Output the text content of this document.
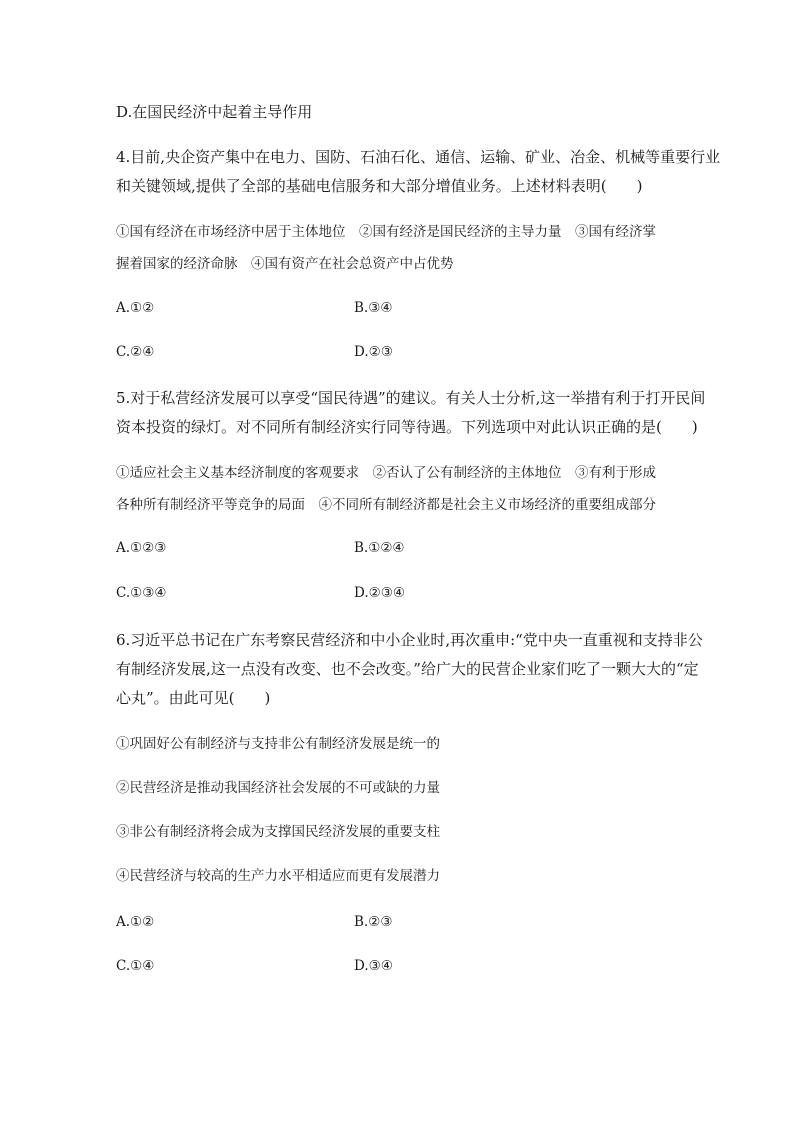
D.在国民经济中起着主导作用
4.目前,央企资产集中在电力、国防、石油石化、通信、运输、矿业、冶金、机械等重要行业
和关键领域,提供了全部的基础电信服务和大部分增值业务。上述材料表明(　　)
①国有经济在市场经济中居于主体地位　②国有经济是国民经济的主导力量　③国有经济掌
握着国家的经济命脉　④国有资产在社会总资产中占优势
A.①②	B.③④
C.②④	D.②③
5.对于私营经济发展可以享受“国民待遇”的建议。有关人士分析,这一举措有利于打开民间
资本投资的绿灯。对不同所有制经济实行同等待遇。下列选项中对此认识正确的是(　　)
①适应社会主义基本经济制度的客观要求　②否认了公有制经济的主体地位　③有利于形成
各种所有制经济平等竞争的局面　④不同所有制经济都是社会主义市场经济的重要组成部分
A.①②③	B.①②④
C.①③④	D.②③④
6.习近平总书记在广东考察民营经济和中小企业时,再次重申:“党中央一直重视和支持非公
有制经济发展,这一点没有改变、也不会改变。”给广大的民营企业家们吃了一颗大大的“定
心丸”。由此可见(　　)
①巩固好公有制经济与支持非公有制经济发展是统一的
②民营经济是推动我国经济社会发展的不可或缺的力量
③非公有制经济将会成为支撑国民经济发展的重要支柱
④民营经济与较高的生产力水平相适应而更有发展潜力
A.①②	B.②③
C.①④	D.③④
